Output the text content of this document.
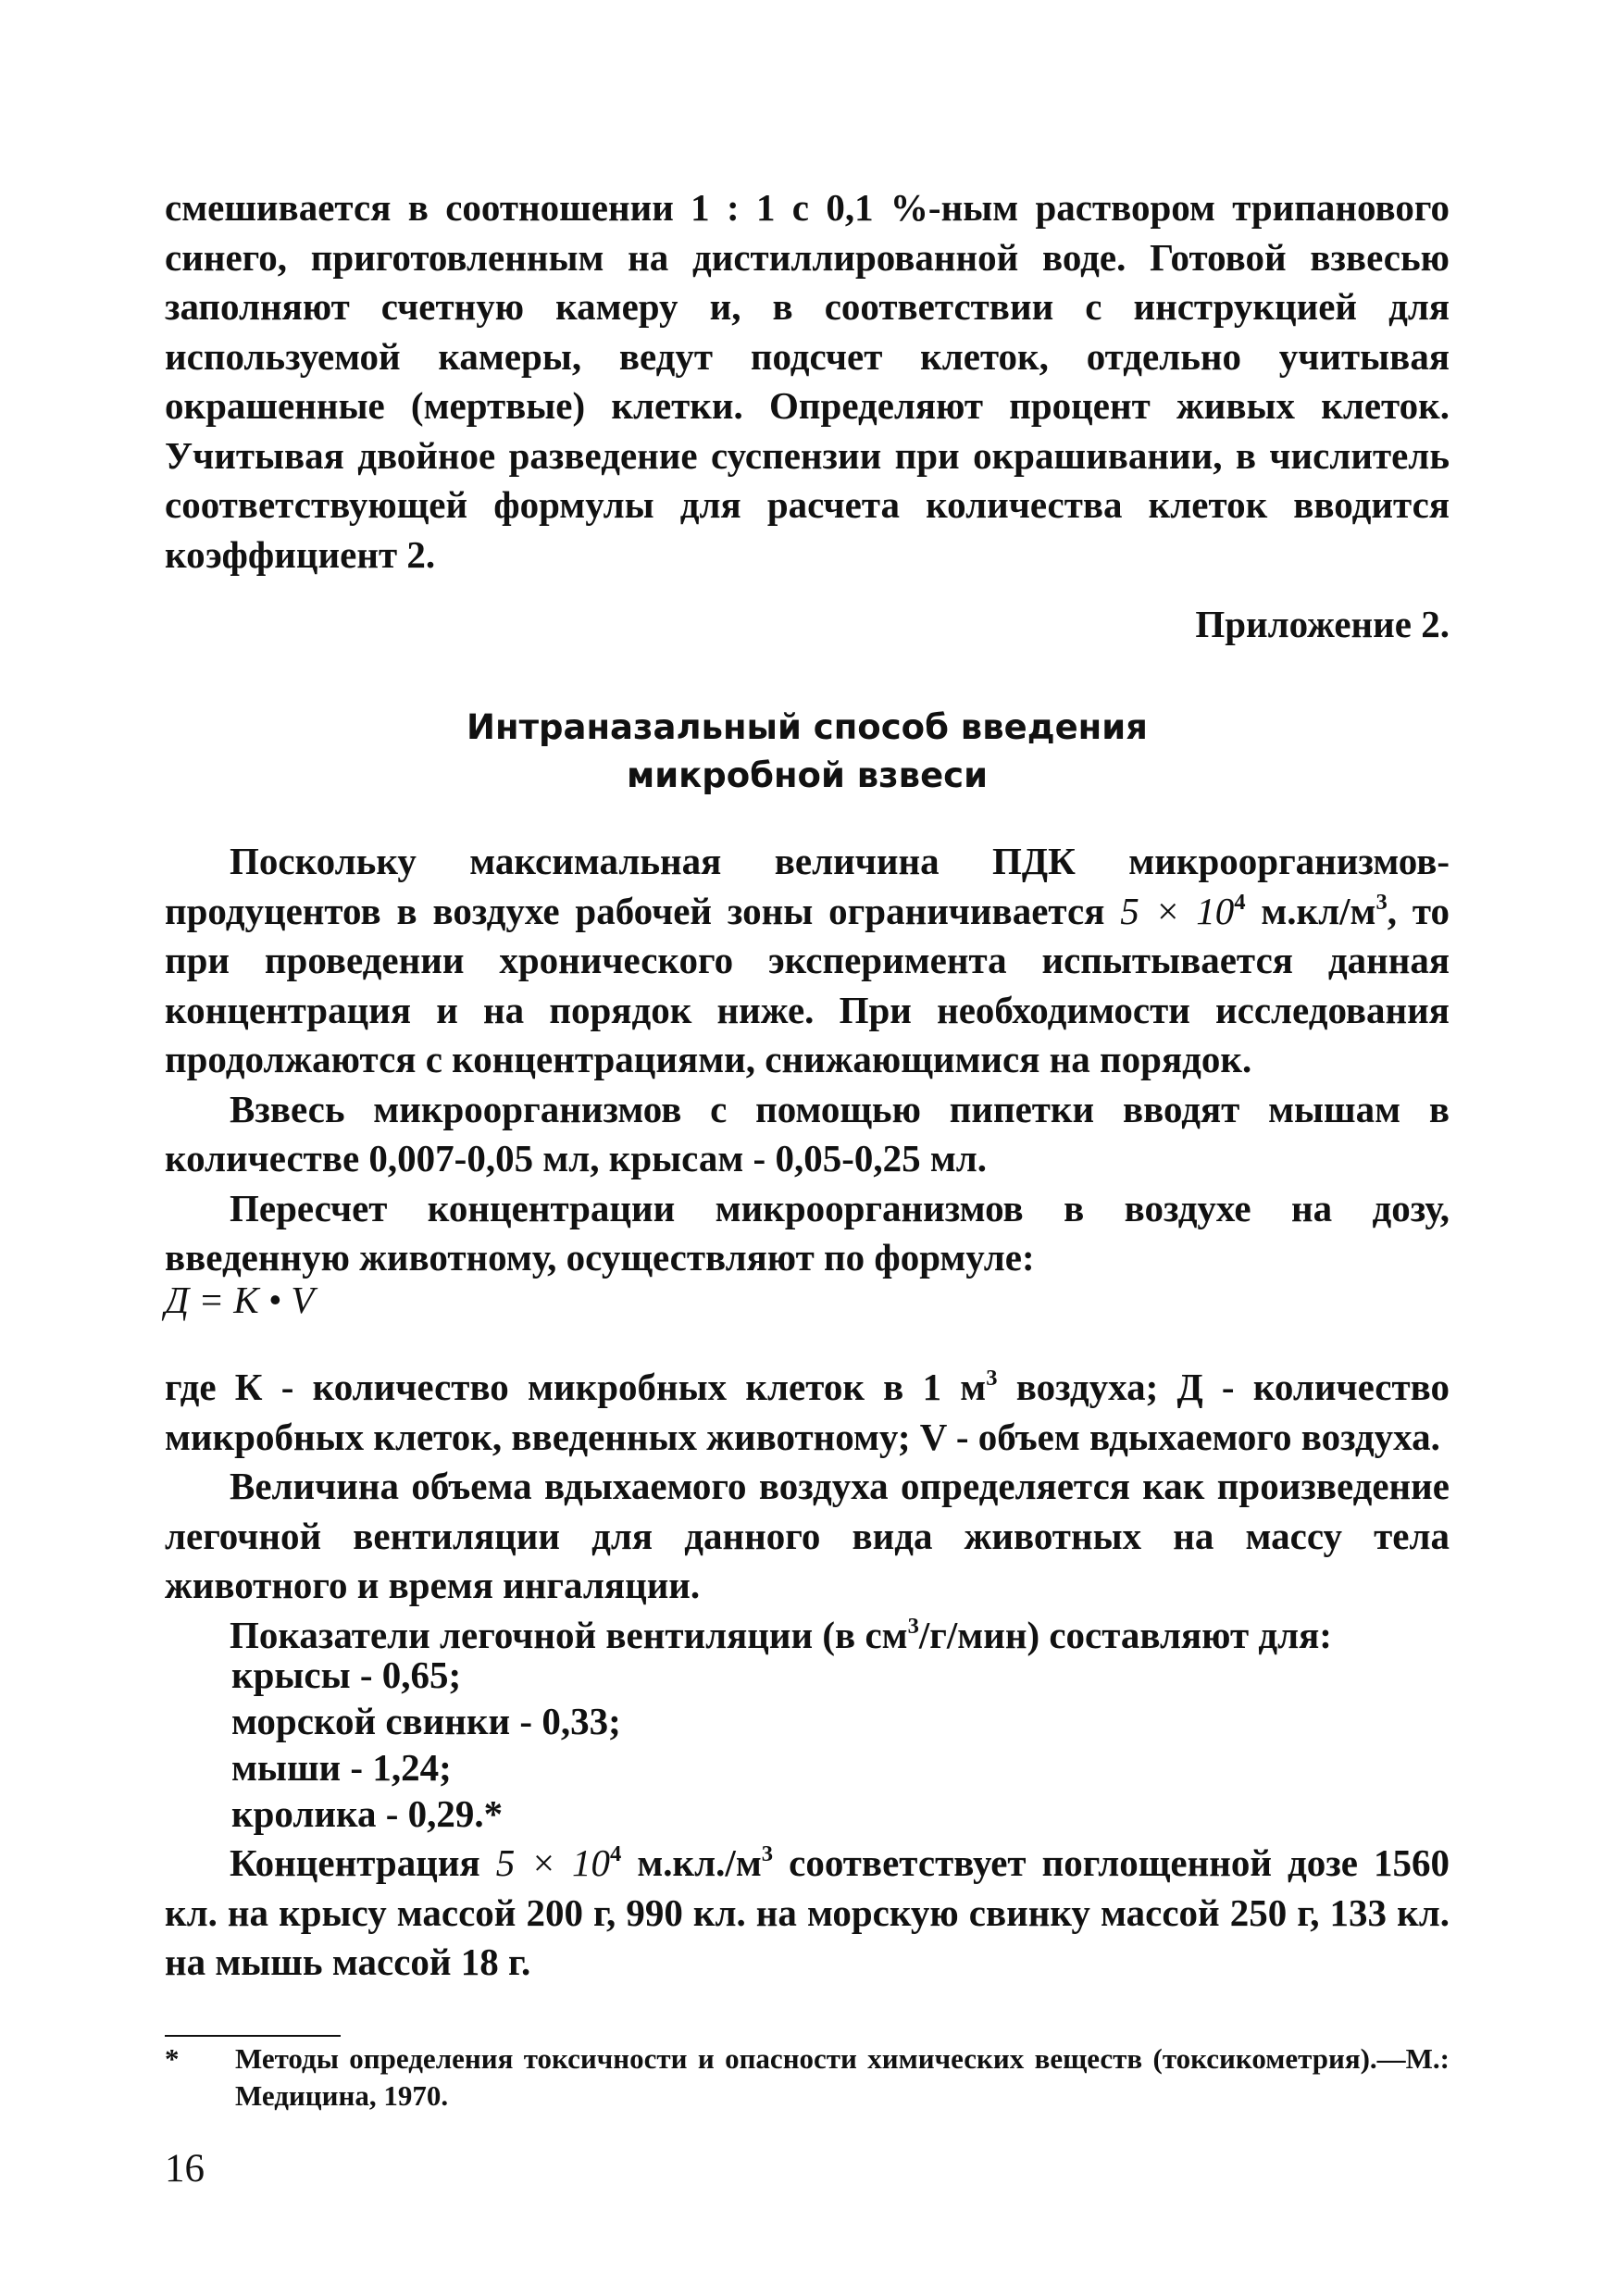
смешивается в соотношении 1 : 1 с 0,1 %-ным раствором трипанового синего, приготовленным на дистиллированной воде. Готовой взвесью заполняют счетную камеру и, в соответствии с инструкцией для используемой камеры, ведут подсчет клеток, отдельно учитывая окрашенные (мертвые) клетки. Определяют процент живых клеток. Учитывая двойное разведение суспензии при окрашивании, в числитель соответствующей формулы для расчета количества клеток вводится коэффициент 2.

Приложение 2.
Интраназальный способ введения
микробной взвеси

Поскольку максимальная величина ПДК микроорганизмов-продуцентов в воздухе рабочей зоны ограничивается $5 \times 10^4$ $м.кл/м^3$, то при проведении хронического эксперимента испытывается данная концентрация и на порядок ниже. При необходимости исследования продолжаются с концентрациями, снижающимися на порядок.

Взвесь микроорганизмов с помощью пипетки вводят мышам в количестве 0,007-0,05 мл, крысам - 0,05-0,25 мл.

Пересчет концентрации микроорганизмов в воздухе на дозу, введенную животному, осуществляют по формуле:

Д = К • V

где К - количество микробных клеток в 1 $м^3$ воздуха; Д - количество микробных клеток, введенных животному; V - объем вдыхаемого воздуха.

Величина объема вдыхаемого воздуха определяется как произведение легочной вентиляции для данного вида животных на массу тела животного и время ингаляции.

Показатели легочной вентиляции (в $см^3/г/мин$) составляют для:

крысы - 0,65;
морской свинки - 0,33;
мыши - 1,24;
кролика - 0,29.*

Концентрация $5 \times 10^4$ $м.кл./м^3$ соответствует поглощенной дозе 1560 кл. на крысу массой 200 г, 990 кл. на морскую свинку массой 250 г, 133 кл. на мышь массой 18 г.

*	Методы определения токсичности и опасности химических веществ (токсикометрия).—М.: Медицина, 1970.
16
